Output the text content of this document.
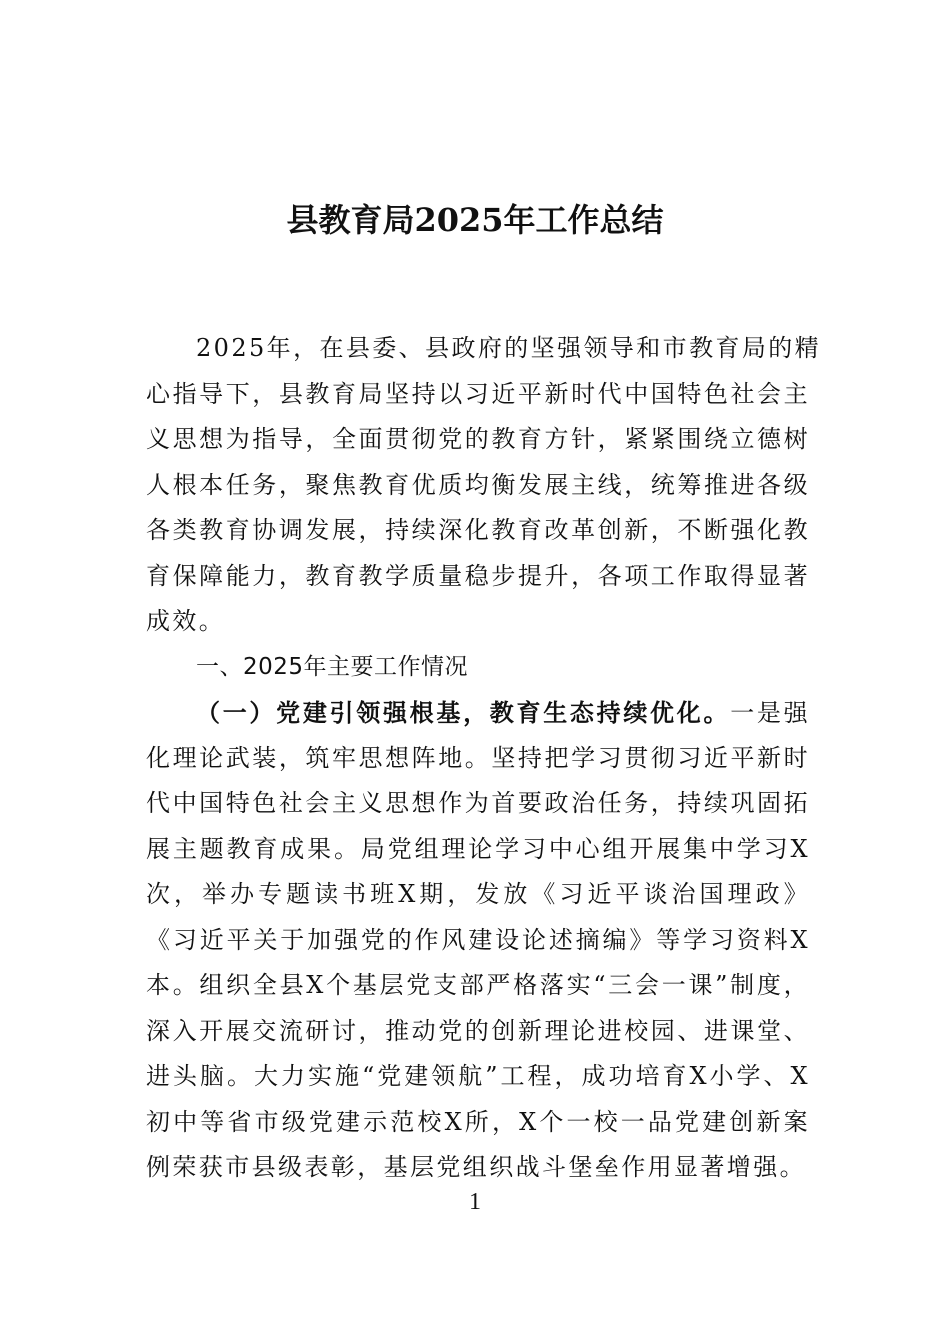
县教育局2025年工作总结
2025年，在县委、县政府的坚强领导和市教育局的精
心指导下，县教育局坚持以习近平新时代中国特色社会主
义思想为指导，全面贯彻党的教育方针，紧紧围绕立德树
人根本任务，聚焦教育优质均衡发展主线，统筹推进各级
各类教育协调发展，持续深化教育改革创新，不断强化教
育保障能力，教育教学质量稳步提升，各项工作取得显著
成效。
一、2025年主要工作情况
（一）党建引领强根基，教育生态持续优化。一是强
化理论武装，筑牢思想阵地。坚持把学习贯彻习近平新时
代中国特色社会主义思想作为首要政治任务，持续巩固拓
展主题教育成果。局党组理论学习中心组开展集中学习X
次，举办专题读书班X期，发放《习近平谈治国理政》
《习近平关于加强党的作风建设论述摘编》等学习资料X
本。组织全县X个基层党支部严格落实“三会一课”制度，
深入开展交流研讨，推动党的创新理论进校园、进课堂、
进头脑。大力实施“党建领航”工程，成功培育X小学、X
初中等省市级党建示范校X所，X个一校一品党建创新案
例荣获市县级表彰，基层党组织战斗堡垒作用显著增强。
1
